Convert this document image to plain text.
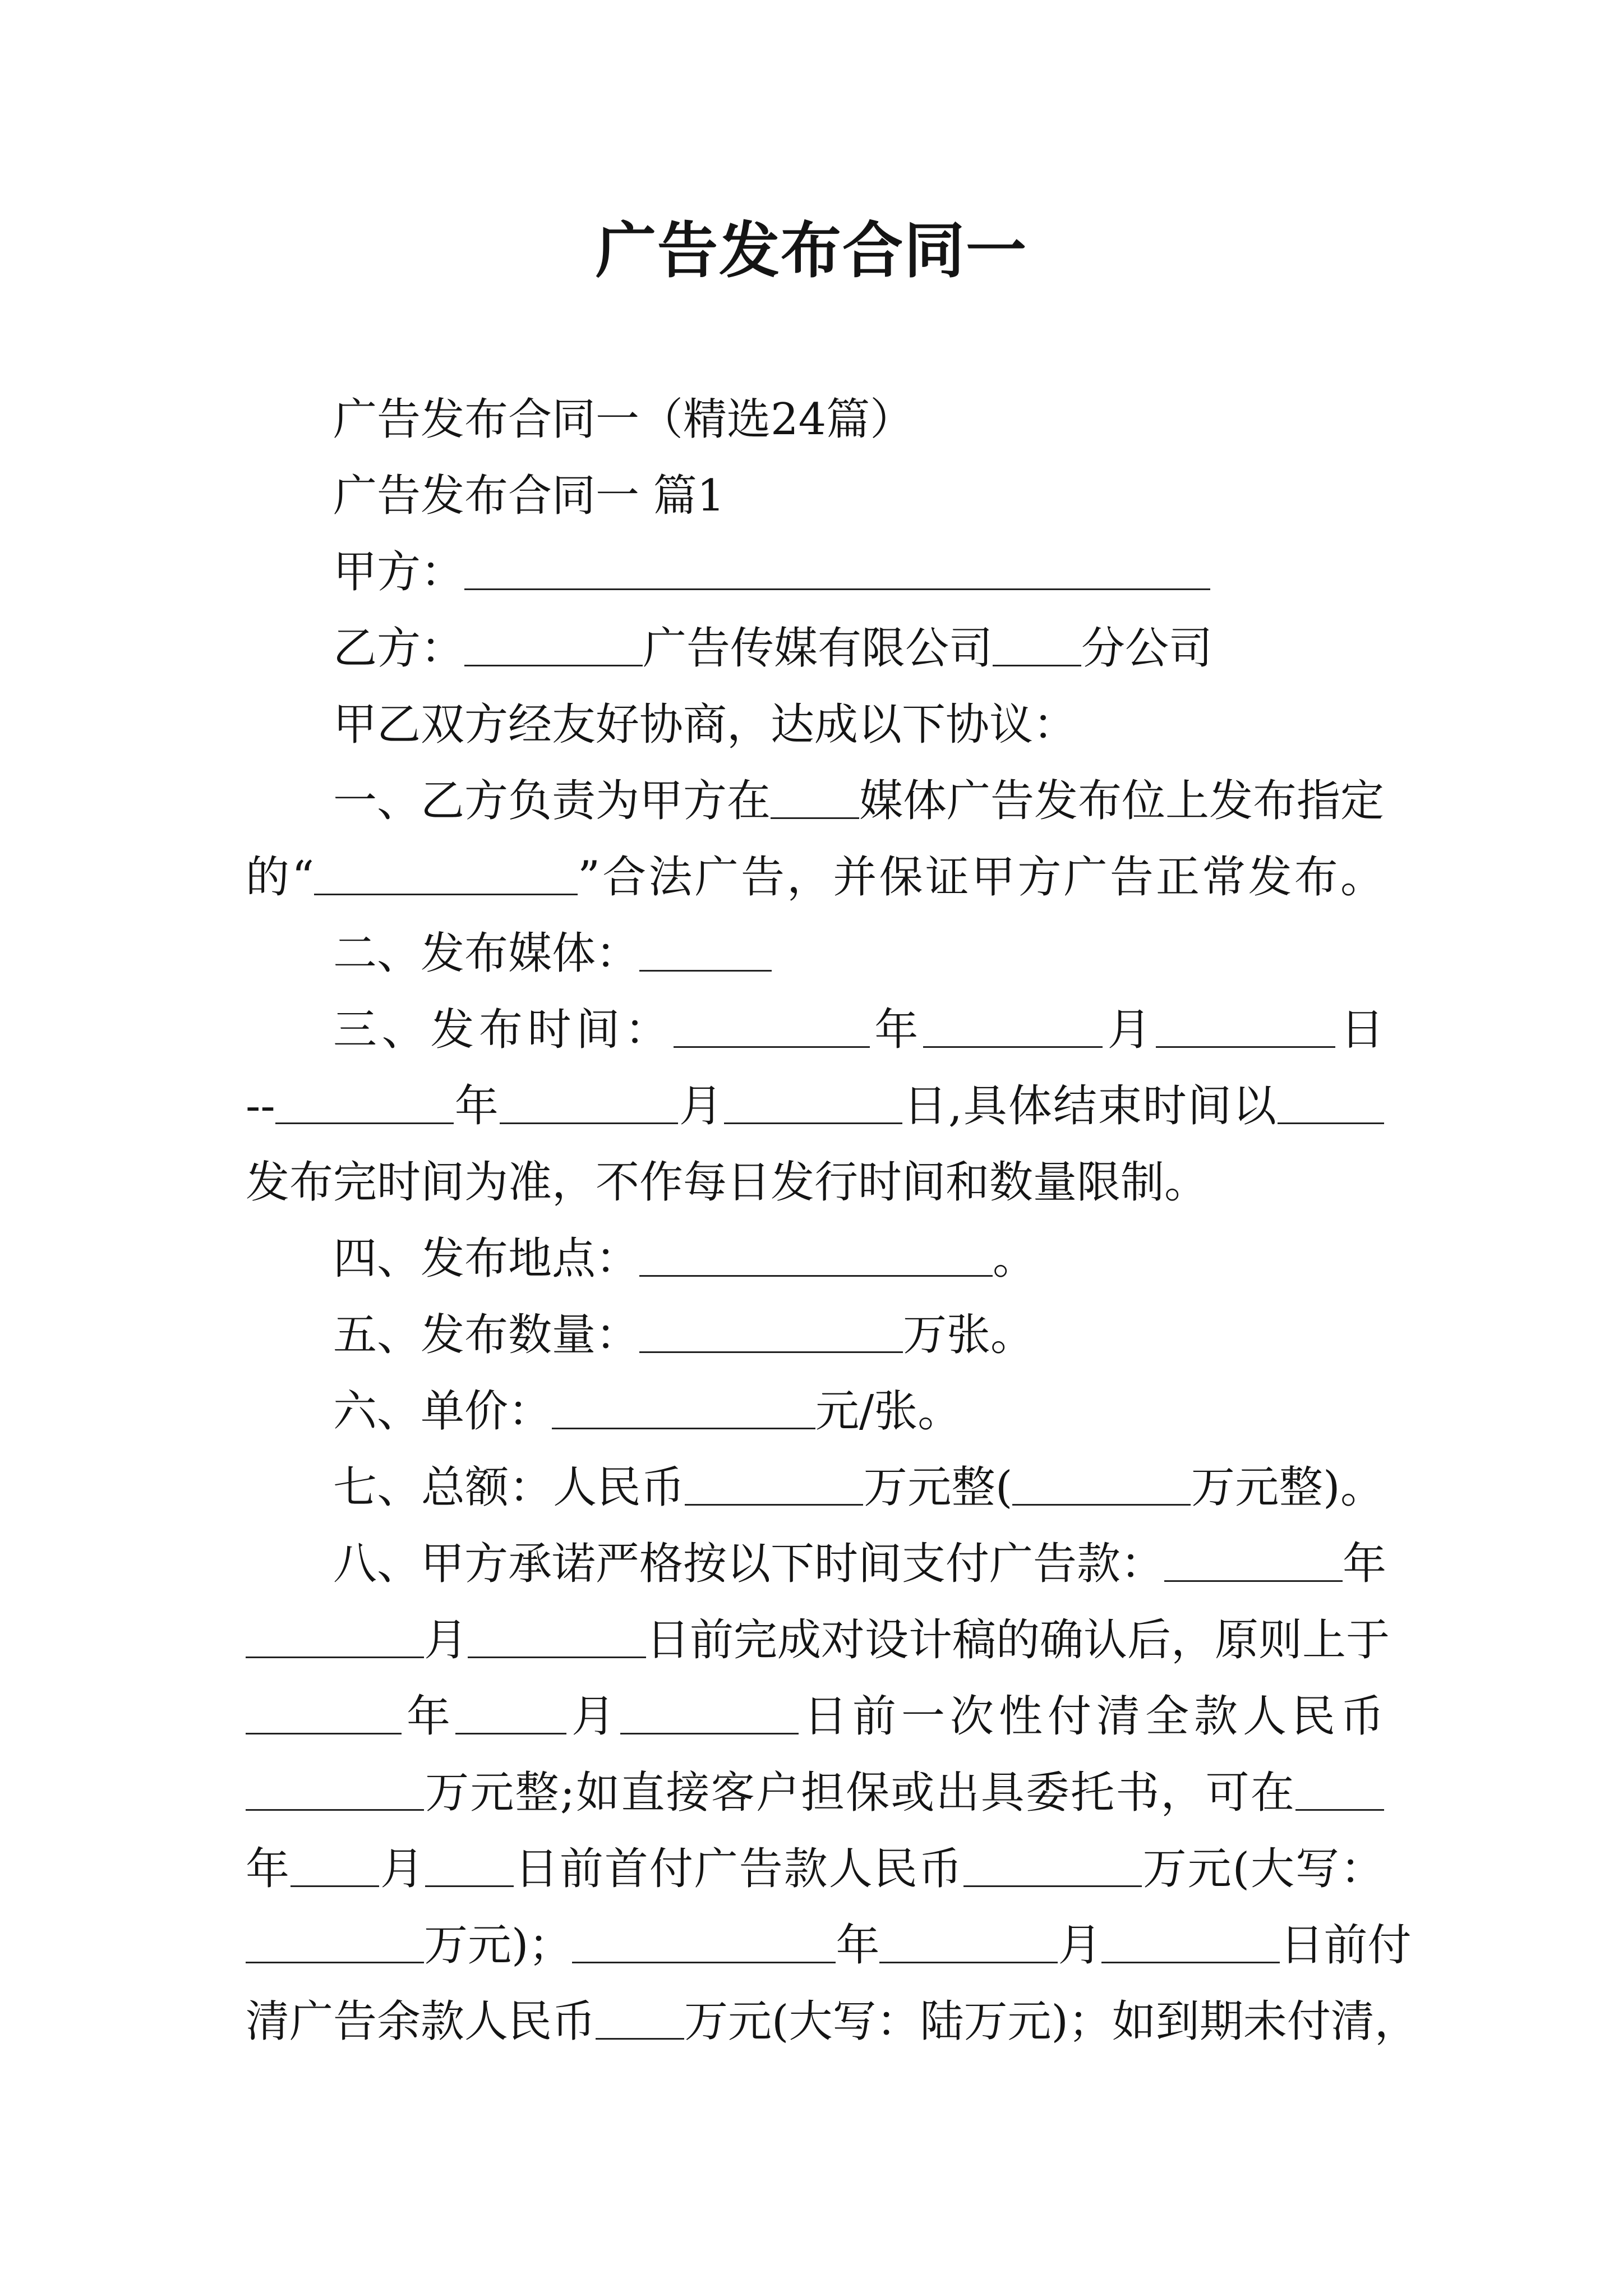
广告发布合同一

广告发布合同一（精选24篇）

广告发布合同一 篇1

甲方：

乙方：	广告传媒有限公司 分公司

甲乙双方经友好协商，达成以下协议：

一、乙方负责为甲方在 媒体广告发布位上发布指定

的“	”合法广告，并保证甲方广告正常发布。

二、发布媒体：

三、发布时间：	年	月	日

--	年	月	日,具体结束时间以

发布完时间为准，不作每日发行时间和数量限制。

四、发布地点：	。

五、发布数量：	万张。

六、单价：	元/张。

七、总额：人民币	万元整(	万元整)。

八、甲方承诺严格按以下时间支付广告款：	年

月	日前完成对设计稿的确认后，原则上于

年	月	日前一次性付清全款人民币

万元整;如直接客户担保或出具委托书，可在

年 月 日前首付广告款人民币	万元(大写：

万元)；	年	月	日前付

清广告余款人民币 万元(大写：陆万元)；如到期未付清，
